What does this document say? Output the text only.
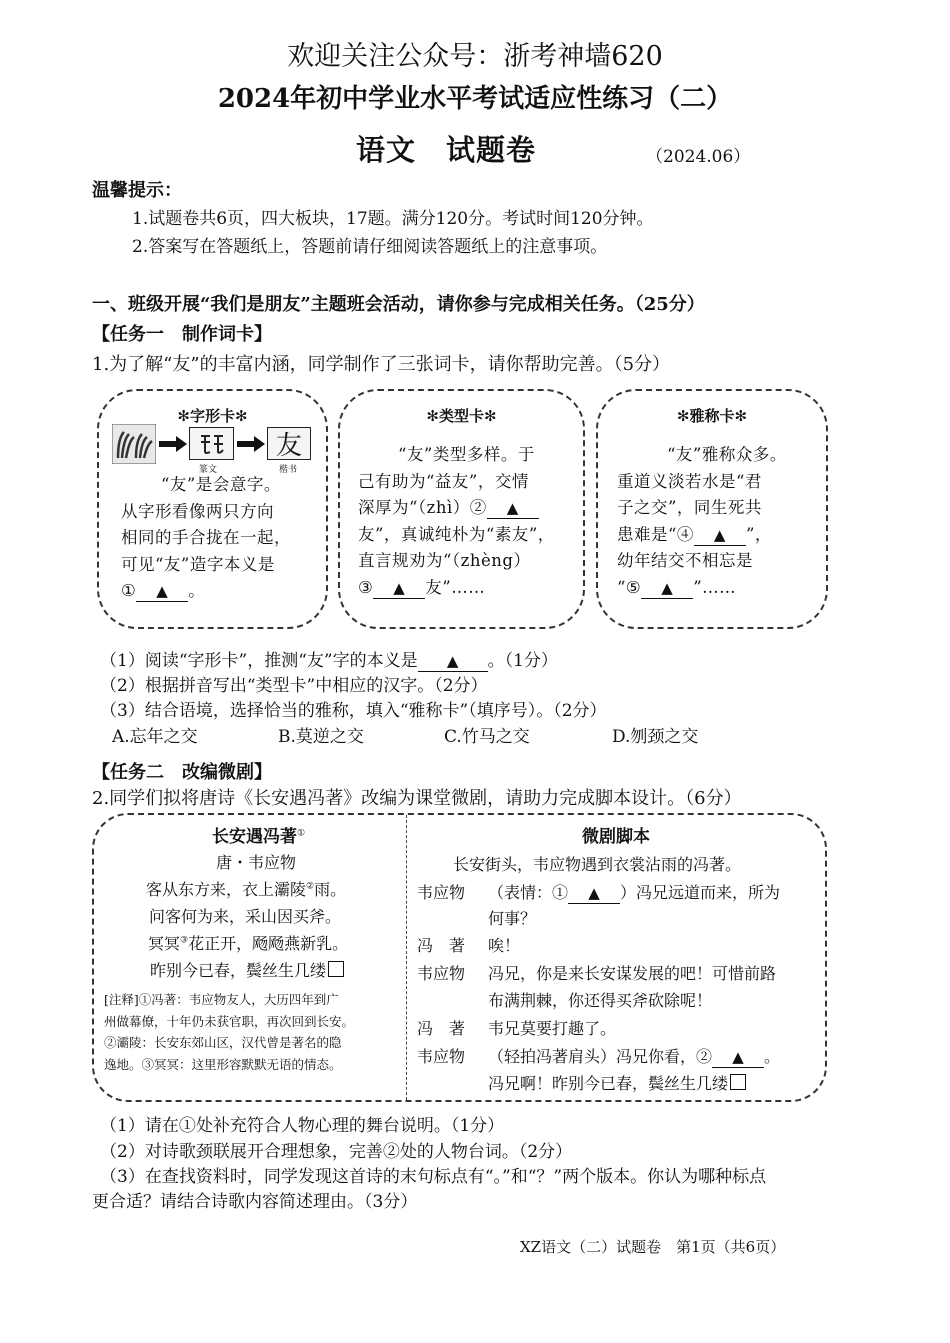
欢迎关注公众号：浙考神墙620
2024年初中学业水平考试适应性练习（二）
语文　试题卷	（2024.06）
温馨提示：
1.试题卷共6页，四大板块，17题。满分120分。考试时间120分钟。
2.答案写在答题纸上，答题前请仔细阅读答题纸上的注意事项。
一、班级开展“我们是朋友”主题班会活动，请你参与完成相关任务。（25分）
【任务一　制作词卡】
1.为了解“友”的丰富内涵，同学制作了三张词卡，请你帮助完善。（5分）
✻字形卡✻
友
篆文	楷书
“友”是会意字。
从字形看像两只方向
相同的手合拢在一起，
可见“友”造字本义是
① ▲ 。
✻类型卡✻
“友”类型多样。于
己有助为“益友”，交情
深厚为“（zhì）② ▲
友”，真诚纯朴为“素友”，
直言规劝为“（zhèng）
③ ▲ 友”……
✻雅称卡✻
“友”雅称众多。
重道义淡若水是“君
子之交”，同生死共
患难是“④ ▲ ”，
幼年结交不相忘是
“⑤ ▲ ”……
（1）阅读“字形卡”，推测“友”字的本义是 ▲ 。（1分）
（2）根据拼音写出“类型卡”中相应的汉字。（2分）
（3）结合语境，选择恰当的雅称，填入“雅称卡”（填序号）。（2分）
A.忘年之交	B.莫逆之交	C.竹马之交	D.刎颈之交
【任务二　改编微剧】
2.同学们拟将唐诗《长安遇冯著》改编为课堂微剧，请助力完成脚本设计。（6分）
长安遇冯著①
唐・韦应物
客从东方来，衣上灞陵②雨。
问客何为来，采山因买斧。
冥冥③花正开，飏飏燕新乳。
昨别今已春，鬓丝生几缕
[注释]①冯著：韦应物友人，大历四年到广
州做幕僚，十年仍未获官职，再次回到长安。
②灞陵：长安东郊山区，汉代曾是著名的隐
逸地。③冥冥：这里形容默默无语的情态。
微剧脚本
长安街头，韦应物遇到衣裳沾雨的冯著。
韦应物 （表情：① ▲ ）冯兄远道而来，所为
何事？
冯　著 唉！
韦应物 冯兄，你是来长安谋发展的吧！可惜前路
布满荆棘，你还得买斧砍除呢！
冯　著 韦兄莫要打趣了。
韦应物 （轻拍冯著肩头）冯兄你看，② ▲ 。
冯兄啊！昨别今已春，鬓丝生几缕
（1）请在①处补充符合人物心理的舞台说明。（1分）
（2）对诗歌颈联展开合理想象，完善②处的人物台词。（2分）
（3）在查找资料时，同学发现这首诗的末句标点有“。”和“？”两个版本。你认为哪种标点
更合适？请结合诗歌内容简述理由。（3分）
XZ语文（二）试题卷　第1页（共6页）
